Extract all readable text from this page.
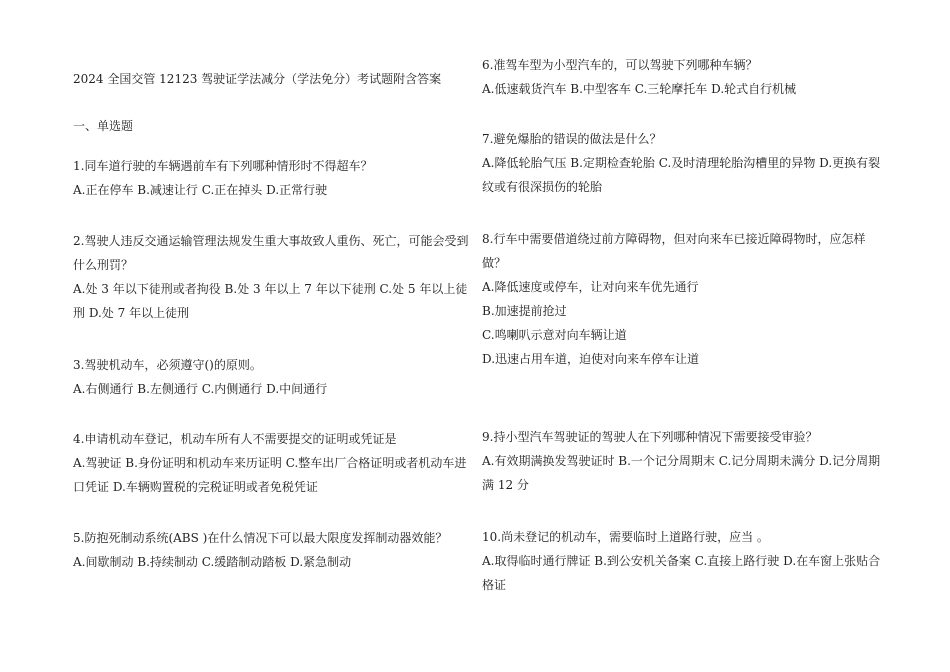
2024 全国交管 12123 驾驶证学法减分（学法免分）考试题附含答案
一、单选题

1.同车道行驶的车辆遇前车有下列哪种情形时不得超车？

A.正在停车 B.减速让行 C.正在掉头 D.正常行驶

2.驾驶人违反交通运输管理法规发生重大事故致人重伤、死亡，可能会受到什么刑罚？

A.处 3 年以下徒刑或者拘役 B.处 3 年以上 7 年以下徒刑 C.处 5 年以上徒刑 D.处 7 年以上徒刑

3.驾驶机动车，必须遵守()的原则。

A.右侧通行 B.左侧通行 C.内侧通行 D.中间通行

4.申请机动车登记，机动车所有人不需要提交的证明或凭证是

A.驾驶证 B.身份证明和机动车来历证明 C.整车出厂合格证明或者机动车进口凭证 D.车辆购置税的完税证明或者免税凭证

5.防抱死制动系统(ABS )在什么情况下可以最大限度发挥制动器效能？

A.间歇制动 B.持续制动 C.缓踏制动踏板 D.紧急制动

6.准驾车型为小型汽车的，可以驾驶下列哪种车辆？

A.低速载货汽车 B.中型客车 C.三轮摩托车 D.轮式自行机械

7.避免爆胎的错误的做法是什么？

A.降低轮胎气压 B.定期检查轮胎 C.及时清理轮胎沟槽里的异物 D.更换有裂纹或有很深损伤的轮胎

8.行车中需要借道绕过前方障碍物，但对向来车已接近障碍物时，应怎样做？

A.降低速度或停车，让对向来车优先通行

B.加速提前抢过

C.鸣喇叭示意对向车辆让道

D.迅速占用车道，迫使对向来车停车让道

9.持小型汽车驾驶证的驾驶人在下列哪种情况下需要接受审验？

A.有效期满换发驾驶证时 B.一个记分周期末 C.记分周期未满分 D.记分周期满 12 分

10.尚未登记的机动车，需要临时上道路行驶，应当 。

A.取得临时通行牌证 B.到公安机关备案 C.直接上路行驶 D.在车窗上张贴合格证
